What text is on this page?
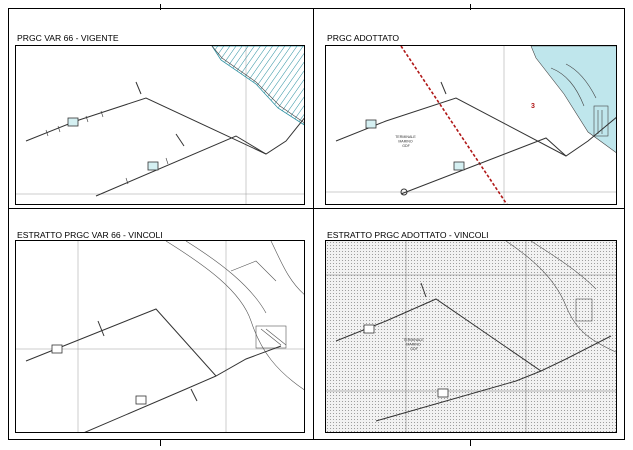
PRGC VAR 66 - VIGENTE

	PRGC ADOTTATO

ESTRATTO PRGC VAR 66 - VINCOLI

	ESTRATTO PRGC ADOTTATO - VINCOLI

3
TERMINALE MARINO GDF
TERMINALE MARINO GDF
